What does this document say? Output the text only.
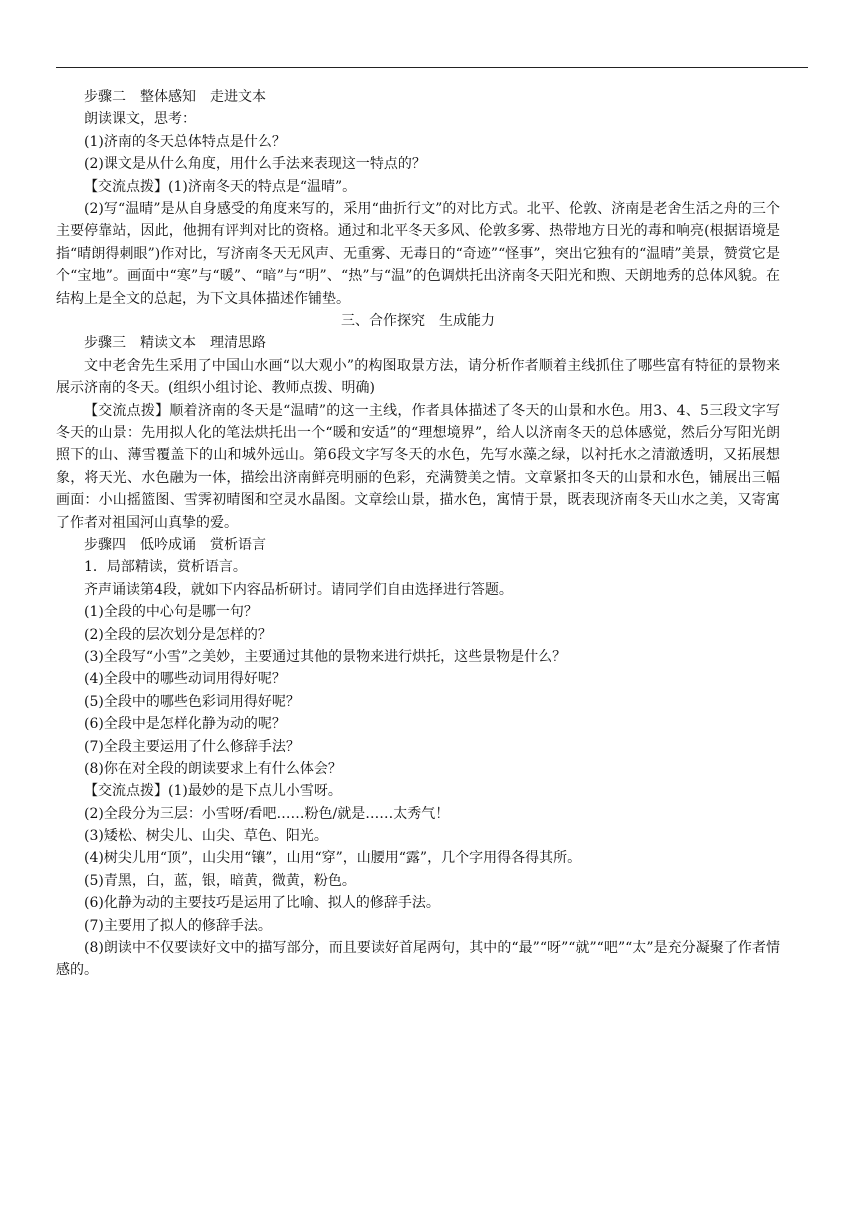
步骤二　整体感知　走进文本
朗读课文，思考：
(1)济南的冬天总体特点是什么？
(2)课文是从什么角度，用什么手法来表现这一特点的？
【交流点拨】(1)济南冬天的特点是“温晴”。
(2)写“温晴”是从自身感受的角度来写的，采用“曲折行文”的对比方式。北平、伦敦、济南是老舍生活之舟的三个主要停靠站，因此，他拥有评判对比的资格。通过和北平冬天多风、伦敦多雾、热带地方日光的毒和响亮(根据语境是指“晴朗得刺眼”)作对比，写济南冬天无风声、无重雾、无毒日的“奇迹”“怪事”，突出它独有的“温晴”美景，赞赏它是个“宝地”。画面中“寒”与“暖”、“暗”与“明”、“热”与“温”的色调烘托出济南冬天阳光和煦、天朗地秀的总体风貌。在结构上是全文的总起，为下文具体描述作铺垫。
三、合作探究　生成能力
步骤三　精读文本　理清思路
文中老舍先生采用了中国山水画“以大观小”的构图取景方法，请分析作者顺着主线抓住了哪些富有特征的景物来展示济南的冬天。(组织小组讨论、教师点拨、明确)
【交流点拨】顺着济南的冬天是“温晴”的这一主线，作者具体描述了冬天的山景和水色。用3、4、5三段文字写冬天的山景：先用拟人化的笔法烘托出一个“暖和安适”的“理想境界”，给人以济南冬天的总体感觉，然后分写阳光朗照下的山、薄雪覆盖下的山和城外远山。第6段文字写冬天的水色，先写水藻之绿，以衬托水之清澈透明，又拓展想象，将天光、水色融为一体，描绘出济南鲜亮明丽的色彩，充满赞美之情。文章紧扣冬天的山景和水色，铺展出三幅画面：小山摇篮图、雪霁初晴图和空灵水晶图。文章绘山景，描水色，寓情于景，既表现济南冬天山水之美，又寄寓了作者对祖国河山真挚的爱。
步骤四　低吟成诵　赏析语言
1．局部精读，赏析语言。
齐声诵读第4段，就如下内容品析研讨。请同学们自由选择进行答题。
(1)全段的中心句是哪一句？
(2)全段的层次划分是怎样的？
(3)全段写“小雪”之美妙，主要通过其他的景物来进行烘托，这些景物是什么？
(4)全段中的哪些动词用得好呢？
(5)全段中的哪些色彩词用得好呢？
(6)全段中是怎样化静为动的呢？
(7)全段主要运用了什么修辞手法？
(8)你在对全段的朗读要求上有什么体会？
【交流点拨】(1)最妙的是下点儿小雪呀。
(2)全段分为三层：小雪呀/看吧……粉色/就是……太秀气！
(3)矮松、树尖儿、山尖、草色、阳光。
(4)树尖儿用“顶”，山尖用“镶”，山用“穿”，山腰用“露”，几个字用得各得其所。
(5)青黑，白，蓝，银，暗黄，微黄，粉色。
(6)化静为动的主要技巧是运用了比喻、拟人的修辞手法。
(7)主要用了拟人的修辞手法。
(8)朗读中不仅要读好文中的描写部分，而且要读好首尾两句，其中的“最”“呀”“就”“吧”“太”是充分凝聚了作者情感的。
